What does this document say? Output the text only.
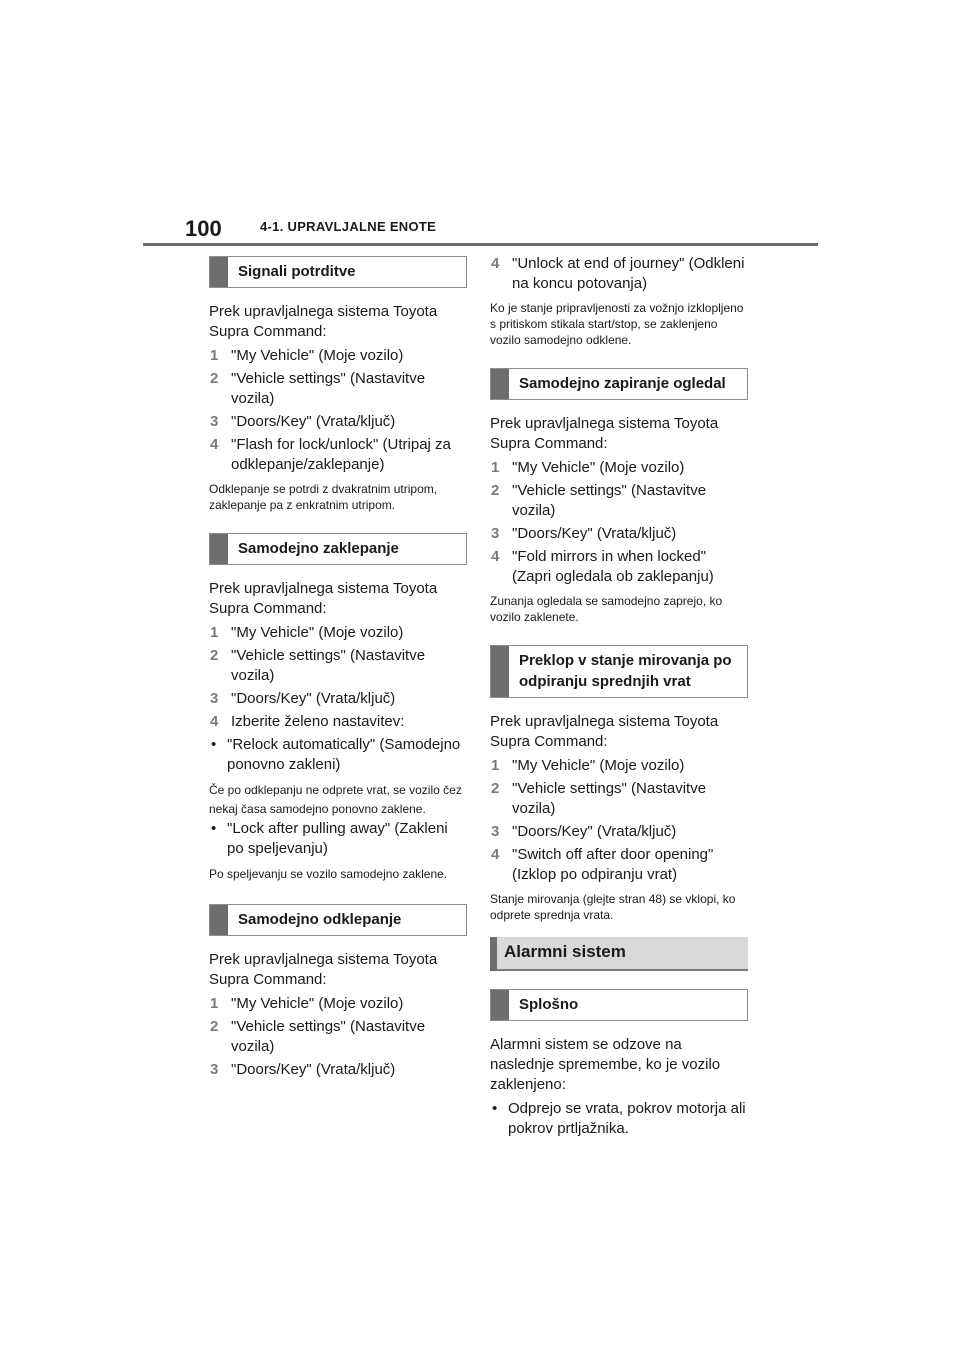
100	4-1. UPRAVLJALNE ENOTE
Signali potrditve
Prek upravljalnega sistema Toyota Supra Command:
1 "My Vehicle" (Moje vozilo)
2 "Vehicle settings" (Nastavitve vozila)
3 "Doors/Key" (Vrata/ključ)
4 "Flash for lock/unlock" (Utripaj za odklepanje/zaklepanje)
Odklepanje se potrdi z dvakratnim utripom, zaklepanje pa z enkratnim utripom.
Samodejno zaklepanje
Prek upravljalnega sistema Toyota Supra Command:
1 "My Vehicle" (Moje vozilo)
2 "Vehicle settings" (Nastavitve vozila)
3 "Doors/Key" (Vrata/ključ)
4 Izberite želeno nastavitev:
• "Relock automatically" (Samodejno ponovno zakleni)
Če po odklepanju ne odprete vrat, se vozilo čez nekaj časa samodejno ponovno zaklene.
• "Lock after pulling away" (Zakleni po speljevanju)
Po speljevanju se vozilo samodejno zaklene.
Samodejno odklepanje
Prek upravljalnega sistema Toyota Supra Command:
1 "My Vehicle" (Moje vozilo)
2 "Vehicle settings" (Nastavitve vozila)
3 "Doors/Key" (Vrata/ključ)
4 "Unlock at end of journey" (Odkleni na koncu potovanja)
Ko je stanje pripravljenosti za vožnjo izklopljeno s pritiskom stikala start/stop, se zaklenjeno vozilo samodejno odklene.
Samodejno zapiranje ogledal
Prek upravljalnega sistema Toyota Supra Command:
1 "My Vehicle" (Moje vozilo)
2 "Vehicle settings" (Nastavitve vozila)
3 "Doors/Key" (Vrata/ključ)
4 "Fold mirrors in when locked" (Zapri ogledala ob zaklepanju)
Zunanja ogledala se samodejno zaprejo, ko vozilo zaklenete.
Preklop v stanje mirovanja po odpiranju sprednjih vrat
Prek upravljalnega sistema Toyota Supra Command:
1 "My Vehicle" (Moje vozilo)
2 "Vehicle settings" (Nastavitve vozila)
3 "Doors/Key" (Vrata/ključ)
4 "Switch off after door opening" (Izklop po odpiranju vrat)
Stanje mirovanja (glejte stran 48) se vklopi, ko odprete sprednja vrata.
Alarmni sistem
Splošno
Alarmni sistem se odzove na naslednje spremembe, ko je vozilo zaklenjeno:
• Odprejo se vrata, pokrov motorja ali pokrov prtljažnika.
